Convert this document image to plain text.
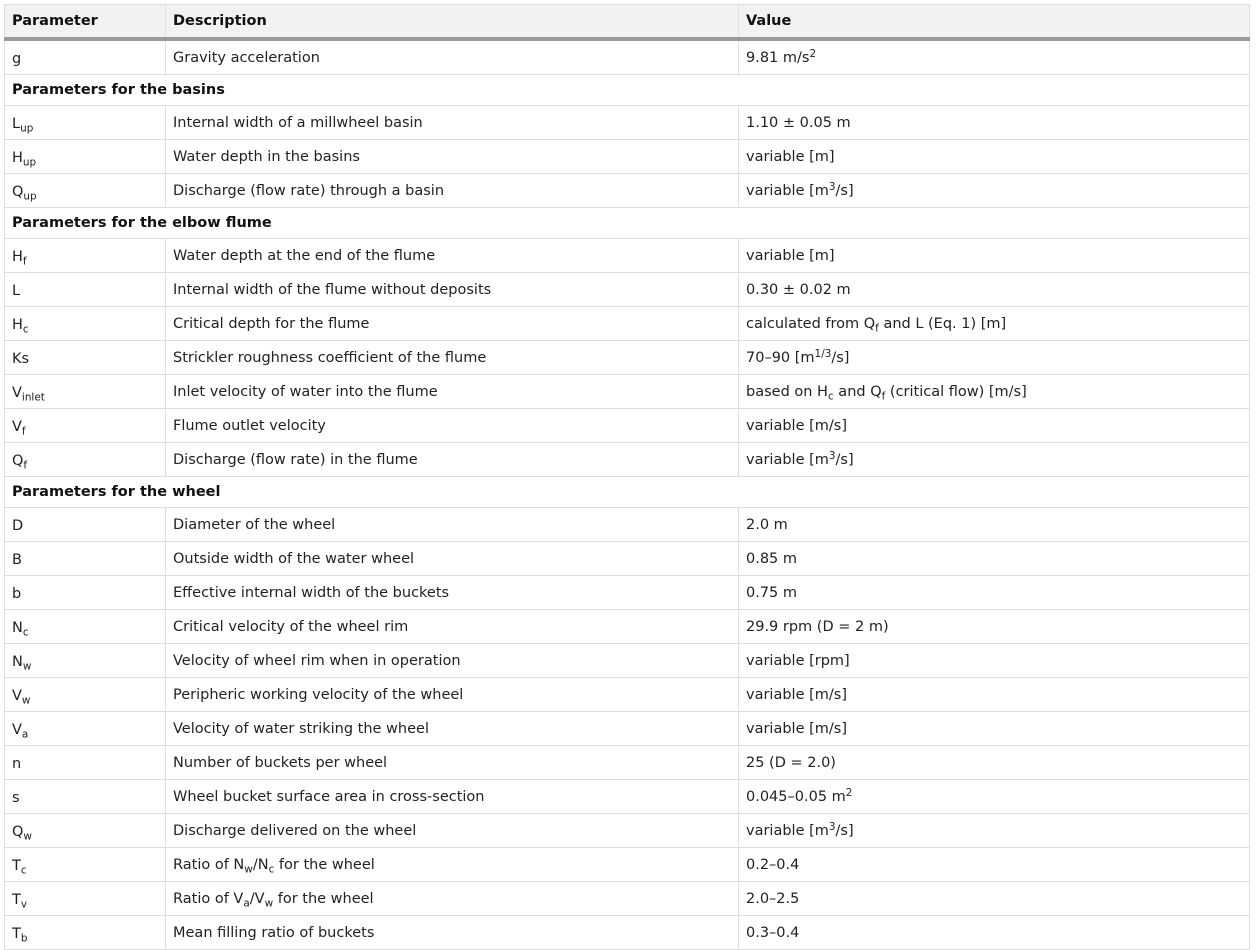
Parameter	Description	Value
g	Gravity acceleration	9.81 $m/s^2$
Parameters for the basins		
$L_{up}$	Internal width of a millwheel basin	1.10 ± 0.05 m
$H_{up}$	Water depth in the basins	variable [m]
$Q_{up}$	Discharge (flow rate) through a basin	variable $[m^3/s]$
Parameters for the elbow flume		
$H_f$	Water depth at the end of the flume	variable [m]
L	Internal width of the flume without deposits	0.30 ± 0.02 m
$H_c$	Critical depth for the flume	calculated from $Q_f$ and L (Eq. 1) [m]
Ks	Strickler roughness coefficient of the flume	70–90 $[m^{1/3}/s]$
$V_{inlet}$	Inlet velocity of water into the flume	based on $H_c$ and $Q_f$ (critical flow) [m/s]
$V_f$	Flume outlet velocity	variable [m/s]
$Q_f$	Discharge (flow rate) in the flume	variable $[m^3/s]$
Parameters for the wheel		
D	Diameter of the wheel	2.0 m
B	Outside width of the water wheel	0.85 m
b	Effective internal width of the buckets	0.75 m
$N_c$	Critical velocity of the wheel rim	29.9 rpm (D = 2 m)
$N_w$	Velocity of wheel rim when in operation	variable [rpm]
$V_w$	Peripheric working velocity of the wheel	variable [m/s]
$V_a$	Velocity of water striking the wheel	variable [m/s]
n	Number of buckets per wheel	25 (D = 2.0)
s	Wheel bucket surface area in cross-section	0.045–0.05 $m^2$
$Q_w$	Discharge delivered on the wheel	variable $[m^3/s]$
$T_c$	Ratio of $N_w/N_c$ for the wheel	0.2–0.4
$T_v$	Ratio of $V_a/V_w$ for the wheel	2.0–2.5
$T_b$	Mean filling ratio of buckets	0.3–0.4
